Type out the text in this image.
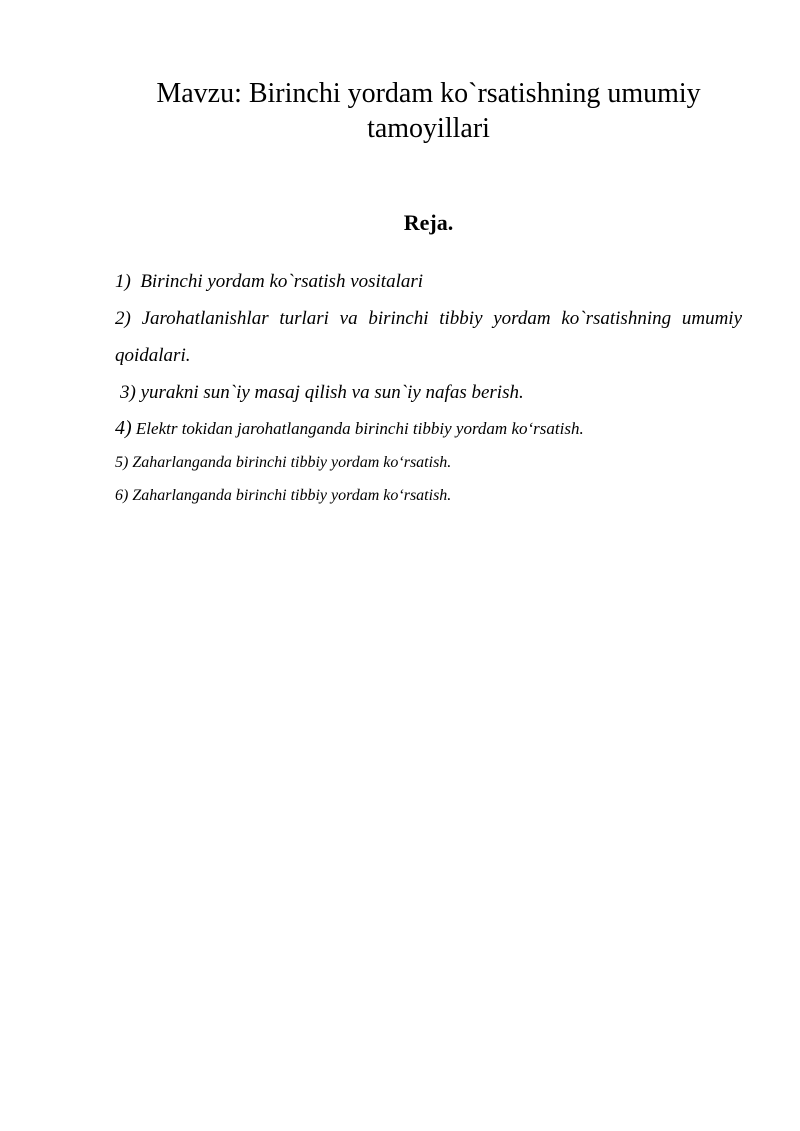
Mavzu: Birinchi yordam ko`rsatishning umumiy tamoyillari
Reja.
1) Birinchi yordam ko`rsatish vositalari
2) Jarohatlanishlar turlari va birinchi tibbiy yordam ko`rsatishning umumiy qoidalari.
3) yurakni sun`iy masaj qilish va sun`iy nafas berish.
4) Elektr tokidan jarohatlanganda birinchi tibbiy yordam ko‘rsatish.
5) Zaharlanganda birinchi tibbiy yordam ko‘rsatish.
6) Zaharlanganda birinchi tibbiy yordam ko‘rsatish.
